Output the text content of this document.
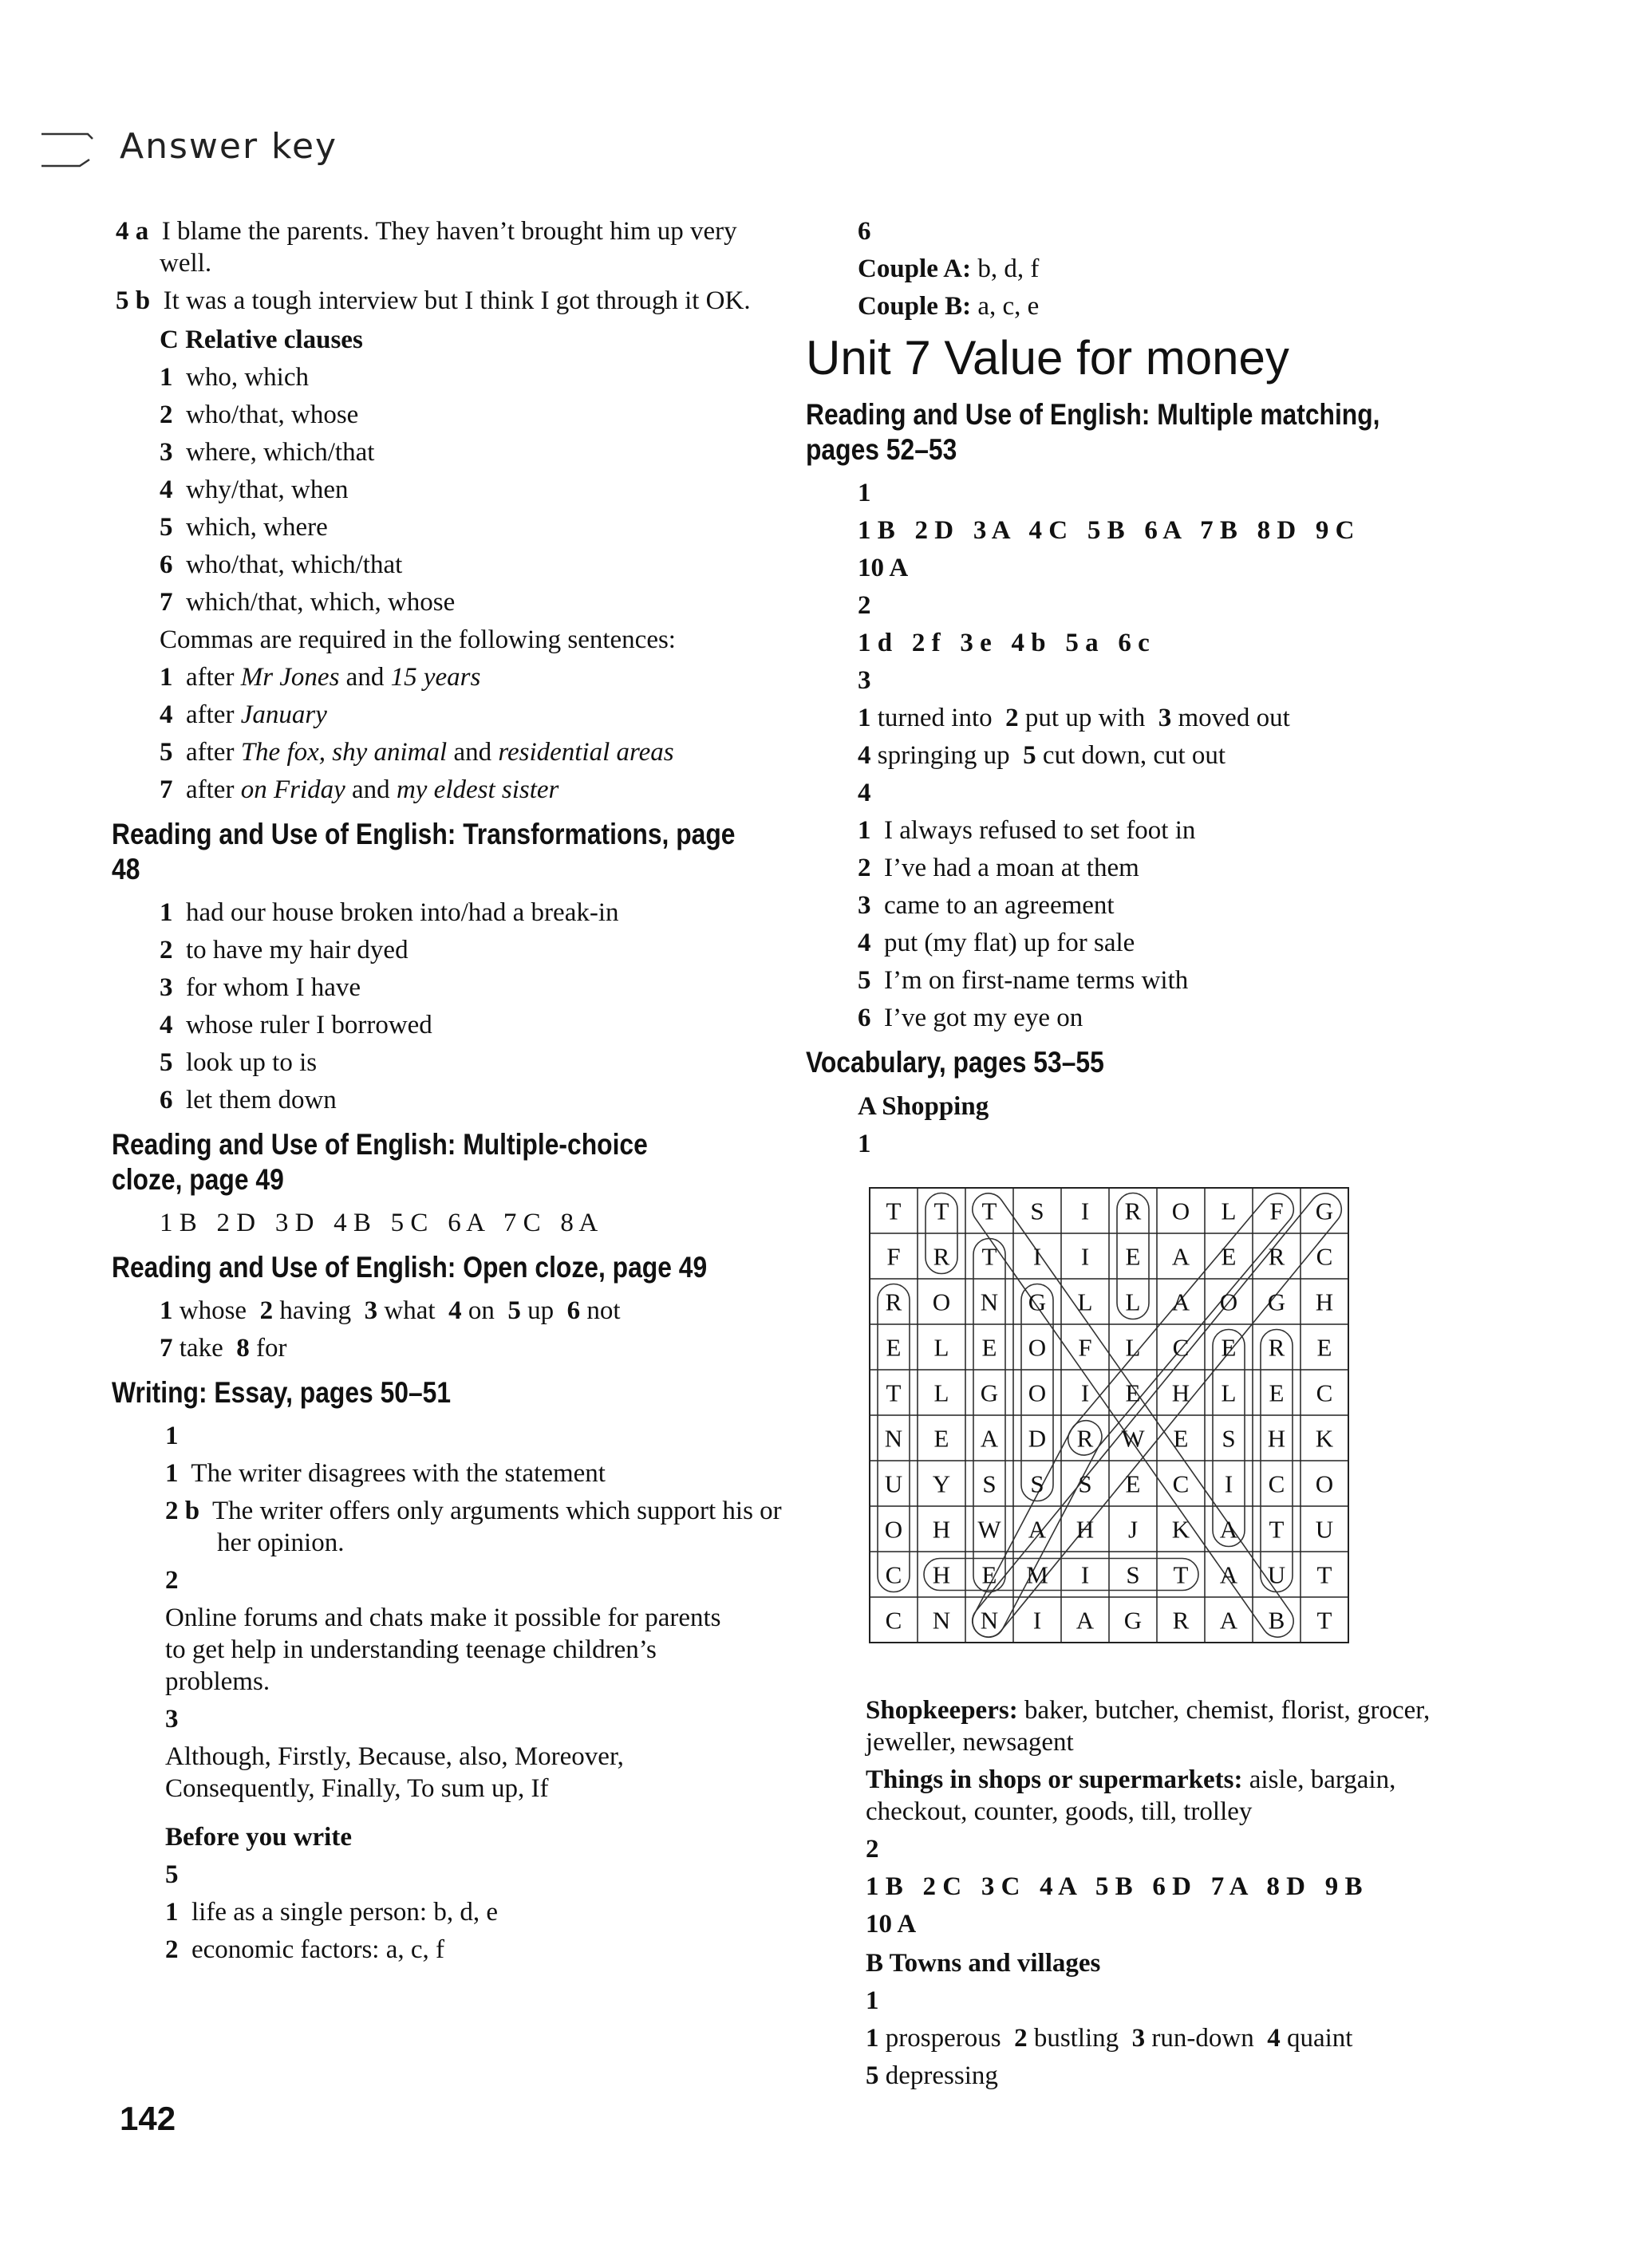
Answer key
4 a I blame the parents. They haven’t brought him up very well.
5 b It was a tough interview but I think I got through it OK.
C Relative clauses
1 who, which
2 who/that, whose
3 where, which/that
4 why/that, when
5 which, where
6 who/that, which/that
7 which/that, which, whose
Commas are required in the following sentences:
1 after Mr Jones and 15 years
4 after January
5 after The fox, shy animal and residential areas
7 after on Friday and my eldest sister
Reading and Use of English: Transformations, page 48
1 had our house broken into/had a break-in
2 to have my hair dyed
3 for whom I have
4 whose ruler I borrowed
5 look up to is
6 let them down
Reading and Use of English: Multiple-choice cloze, page 49
1 B   2 D   3 D   4 B   5 C   6 A   7 C   8 A
Reading and Use of English: Open cloze, page 49
1 whose 2 having 3 what 4 on 5 up 6 not
7 take 8 for
Writing: Essay, pages 50–51
1
1 The writer disagrees with the statement
2 b The writer offers only arguments which support his or her opinion.
2
Online forums and chats make it possible for parents to get help in understanding teenage children’s problems.
3
Although, Firstly, Because, also, Moreover, Consequently, Finally, To sum up, If
Before you write
5
1 life as a single person: b, d, e
2 economic factors: a, c, f
6
Couple A: b, d, f
Couple B: a, c, e
Unit 7 Value for money
Reading and Use of English: Multiple matching, pages 52–53
1
1 B   2 D   3 A   4 C   5 B   6 A   7 B   8 D   9 C
10 A
2
1 d   2 f   3 e   4 b   5 a   6 c
3
1 turned into 2 put up with 3 moved out
4 springing up 5 cut down, cut out
4
1 I always refused to set foot in
2 I’ve had a moan at them
3 came to an agreement
4 put (my flat) up for sale
5 I’m on first-name terms with
6 I’ve got my eye on
Vocabulary, pages 53–55
A Shopping
1
T T T S I R O L F G
F R T I I E A E R C
R O N G L L A O G H
E L E O F L C E R E
T L G O I E H L E C
N E A D R W E S H K
U Y S S S E C I C O
O H W A H J K A T U
C H E M I S T A U T
C N N I A G R A B T
Shopkeepers: baker, butcher, chemist, florist, grocer, jeweller, newsagent
Things in shops or supermarkets: aisle, bargain, checkout, counter, goods, till, trolley
2
1 B   2 C   3 C   4 A   5 B   6 D   7 A   8 D   9 B
10 A
B Towns and villages
1
1 prosperous 2 bustling 3 run-down 4 quaint
5 depressing
142
